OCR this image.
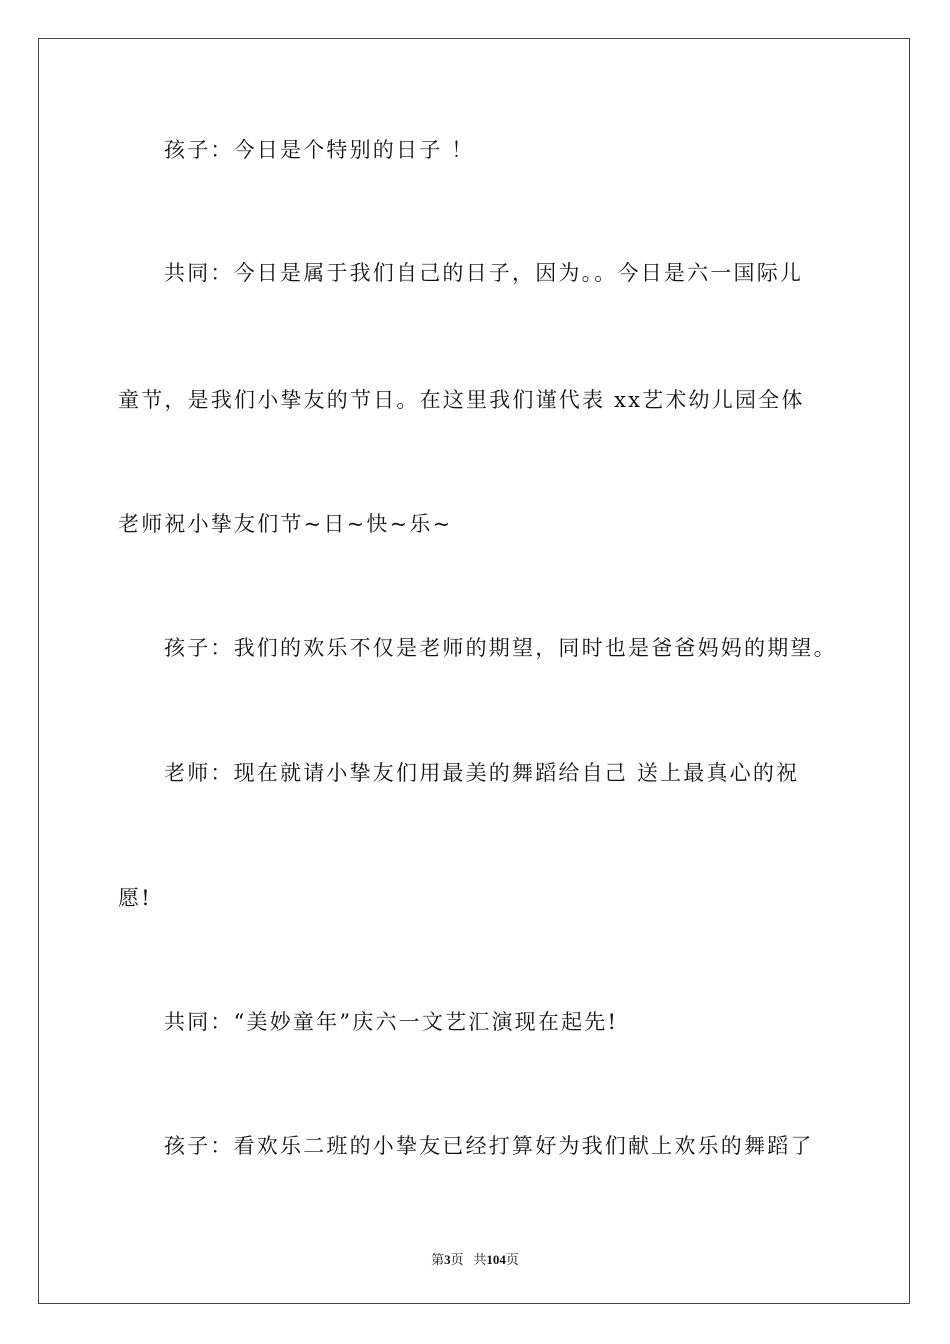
孩子：今日是个特别的日子 ！
共同：今日是属于我们自己的日子，因为。。今日是六一国际儿
童节，是我们小挚友的节日。在这里我们谨代表 xx艺术幼儿园全体
老师祝小挚友们节~日~快~乐~
孩子：我们的欢乐不仅是老师的期望，同时也是爸爸妈妈的期望。
老师：现在就请小挚友们用最美的舞蹈给自己 送上最真心的祝
愿!
共同：“美妙童年”庆六一文艺汇演现在起先!
孩子：看欢乐二班的小挚友已经打算好为我们献上欢乐的舞蹈了
第3页 共104页
